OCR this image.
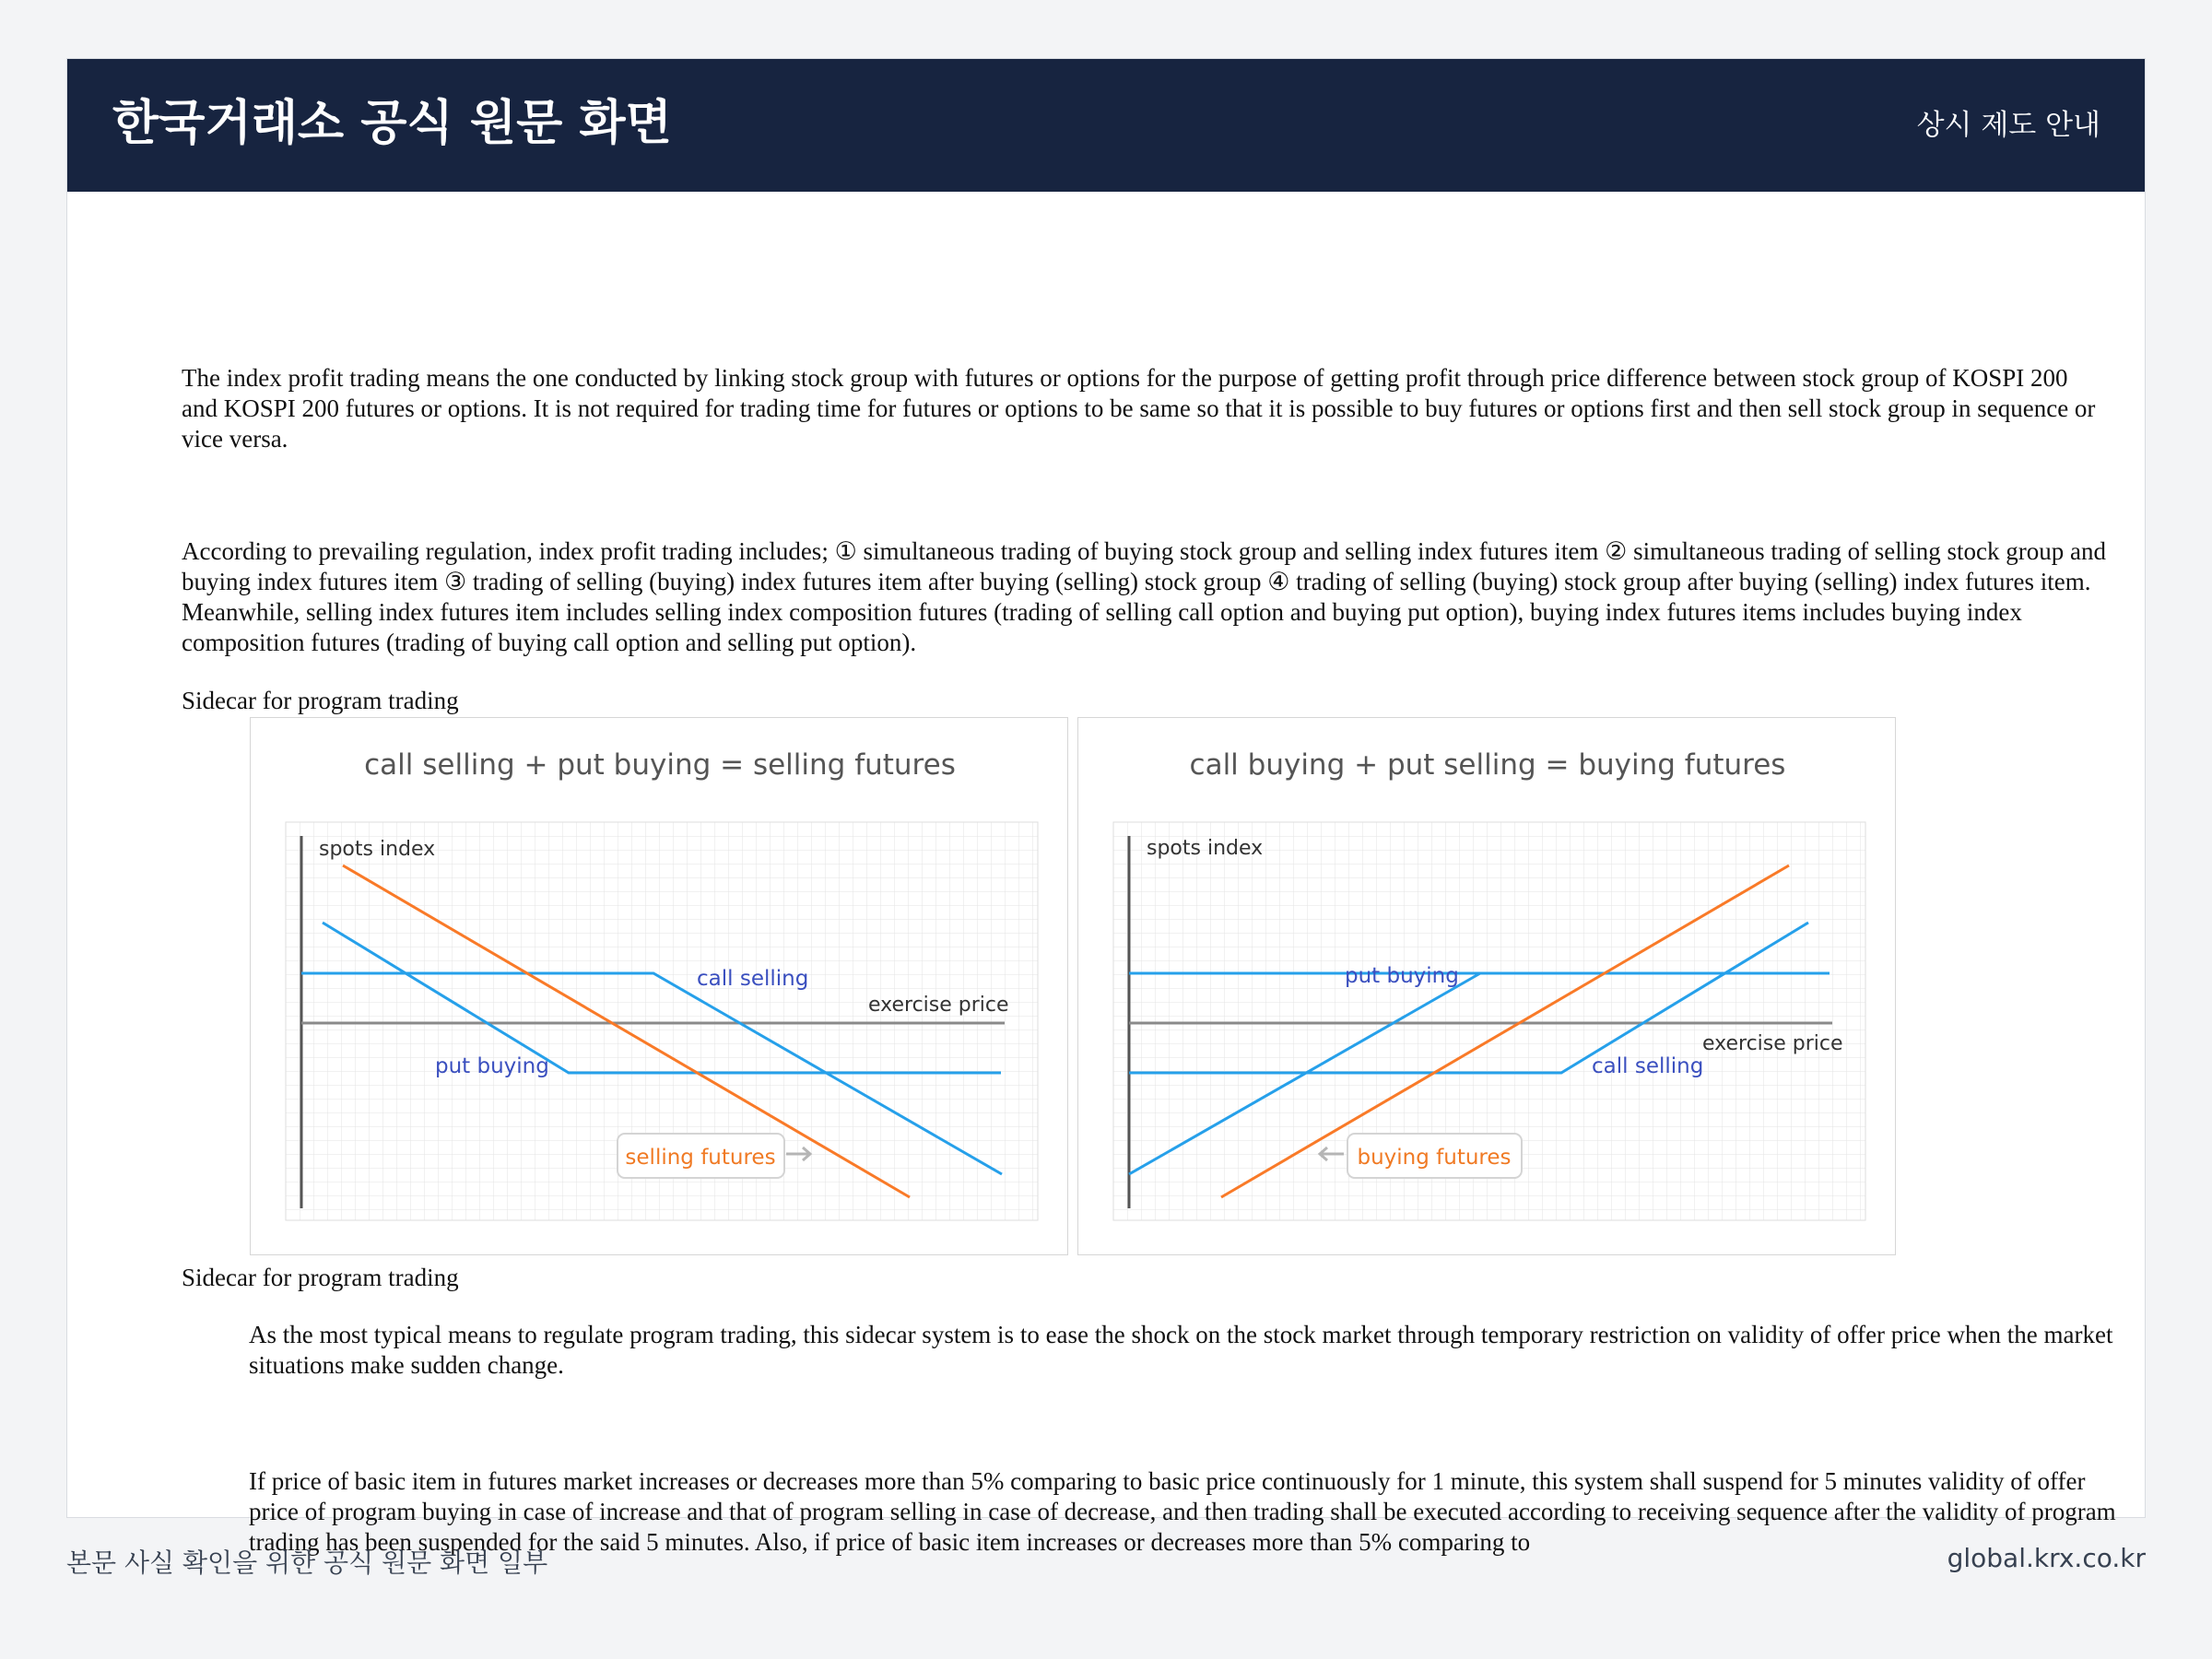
한국거래소 공식 원문 화면	상시 제도 안내

The index profit trading means the one conducted by linking stock group with futures or options for the purpose of getting profit through price difference between stock group of KOSPI 200 and KOSPI 200 futures or options. It is not required for trading time for futures or options to be same so that it is possible to buy futures or options first and then sell stock group in sequence or vice versa.

According to prevailing regulation, index profit trading includes; ① simultaneous trading of buying stock group and selling index futures item ② simultaneous trading of selling stock group and buying index futures item ③ trading of selling (buying) index futures item after buying (selling) stock group ④ trading of selling (buying) stock group after buying (selling) index futures item. Meanwhile, selling index futures item includes selling index composition futures (trading of selling call option and buying put option), buying index futures items includes buying index composition futures (trading of buying call option and selling put option).

Sidecar for program trading

call selling + put buying = selling futures
spots index
exercise price
call selling
put buying
selling futures
call buying + put selling = buying futures
spots index
exercise price
put buying
call selling
buying futures

Sidecar for program trading

As the most typical means to regulate program trading, this sidecar system is to ease the shock on the stock market through temporary restriction on validity of offer price when the market situations make sudden change.

If price of basic item in futures market increases or decreases more than 5% comparing to basic price continuously for 1 minute, this system shall suspend for 5 minutes validity of offer price of program buying in case of increase and that of program selling in case of decrease, and then trading shall be executed according to receiving sequence after the validity of program trading has been suspended for the said 5 minutes. Also, if price of basic item increases or decreases more than 5% comparing to

본문 사실 확인을 위한 공식 원문 화면 일부	global.krx.co.kr
